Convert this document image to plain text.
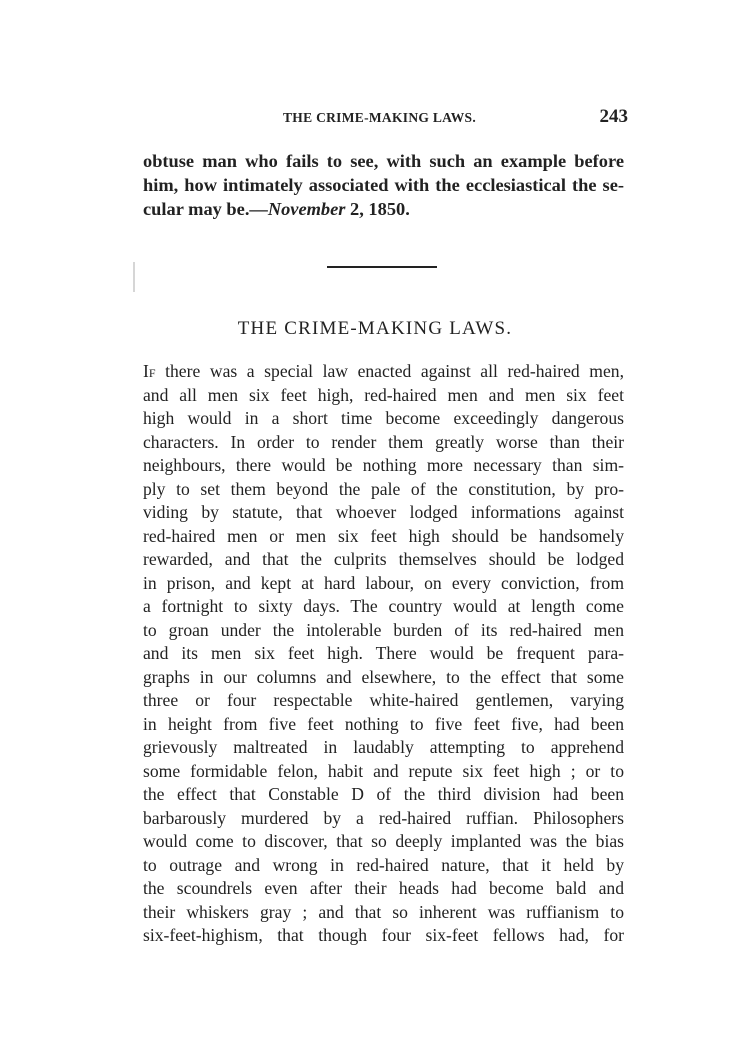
THE CRIME-MAKING LAWS.	243
obtuse man who fails to see, with such an example before
him, how intimately associated with the ecclesiastical the se-
cular may be.—November 2, 1850.
THE CRIME-MAKING LAWS.
If there was a special law enacted against all red-haired men,
and all men six feet high, red-haired men and men six feet
high would in a short time become exceedingly dangerous
characters. In order to render them greatly worse than their
neighbours, there would be nothing more necessary than sim-
ply to set them beyond the pale of the constitution, by pro-
viding by statute, that whoever lodged informations against
red-haired men or men six feet high should be handsomely
rewarded, and that the culprits themselves should be lodged
in prison, and kept at hard labour, on every conviction, from
a fortnight to sixty days. The country would at length come
to groan under the intolerable burden of its red-haired men
and its men six feet high. There would be frequent para-
graphs in our columns and elsewhere, to the effect that some
three or four respectable white-haired gentlemen, varying
in height from five feet nothing to five feet five, had been
grievously maltreated in laudably attempting to apprehend
some formidable felon, habit and repute six feet high ; or to
the effect that Constable D of the third division had been
barbarously murdered by a red-haired ruffian. Philosophers
would come to discover, that so deeply implanted was the bias
to outrage and wrong in red-haired nature, that it held by
the scoundrels even after their heads had become bald and
their whiskers gray ; and that so inherent was ruffianism to
six-feet-highism, that though four six-feet fellows had, for
